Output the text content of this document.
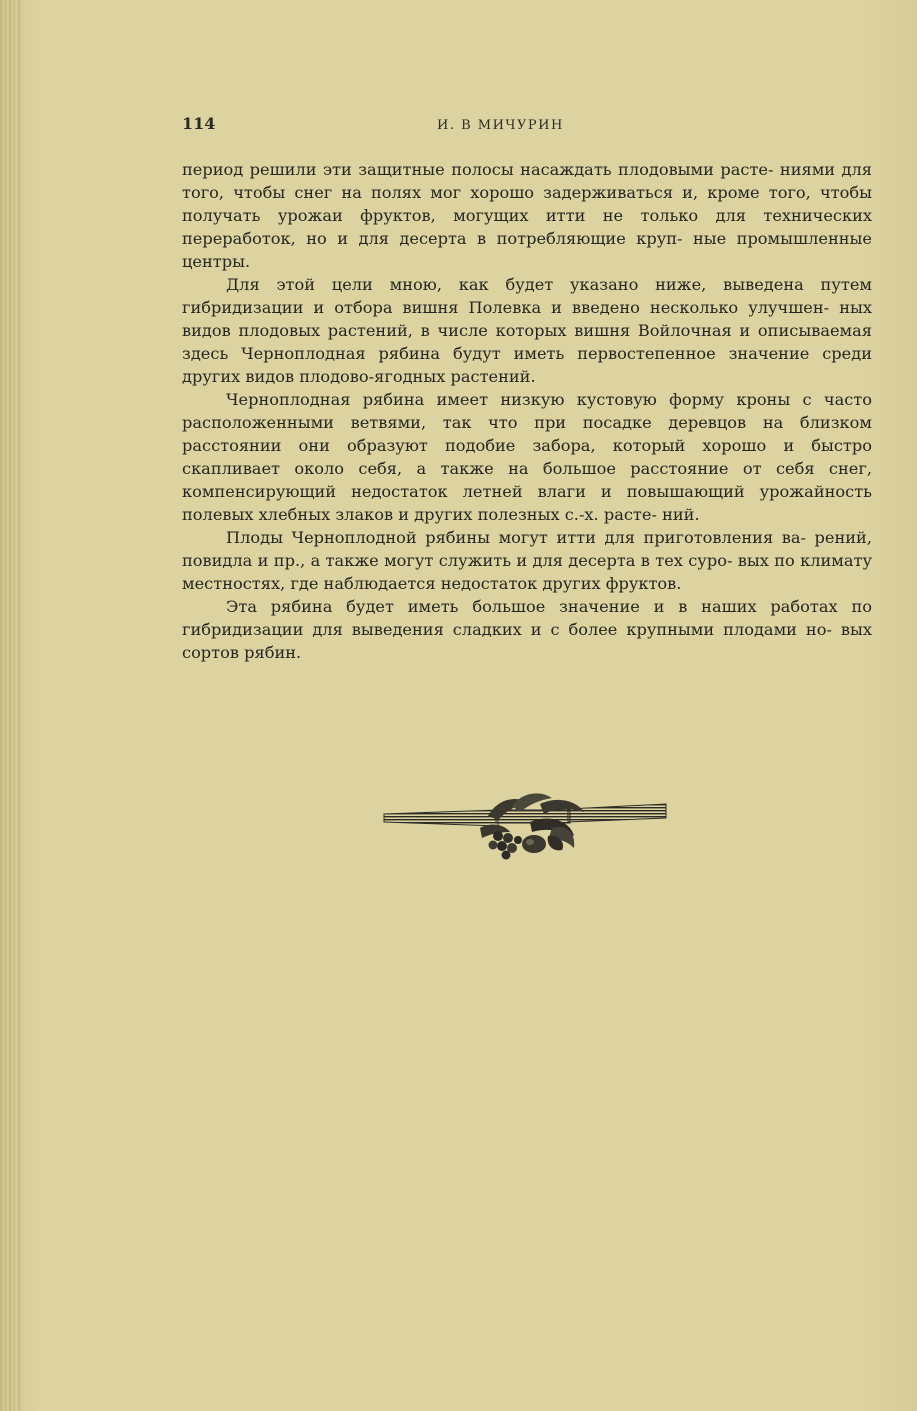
114	И. В МИЧУРИН

период решили эти защитные полосы насаждать плодовыми расте- ниями для того, чтобы снег на полях мог хорошо задерживаться и, кроме того, чтобы получать урожаи фруктов, могущих итти не только для технических переработок, но и для десерта в потребляющие круп- ные промышленные центры.

Для этой цели мною, как будет указано ниже, выведена путем гибридизации и отбора вишня Полевка и введено несколько улучшен- ных видов плодовых растений, в числе которых вишня Войлочная и описываемая здесь Черноплодная рябина будут иметь первостепенное значение среди других видов плодово-ягодных растений.

Черноплодная рябина имеет низкую кустовую форму кроны с часто расположенными ветвями, так что при посадке деревцов на близком расстоянии они образуют подобие забора, который хорошо и быстро скапливает около себя, а также на большое расстояние от себя снег, компенсирующий недостаток летней влаги и повышающий урожайность полевых хлебных злаков и других полезных с.-х. расте- ний.

Плоды Черноплодной рябины могут итти для приготовления ва- рений, повидла и пр., а также могут служить и для десерта в тех суро- вых по климату местностях, где наблюдается недостаток других фруктов.

Эта рябина будет иметь большое значение и в наших работах по гибридизации для выведения сладких и с более крупными плодами но- вых сортов рябин.
